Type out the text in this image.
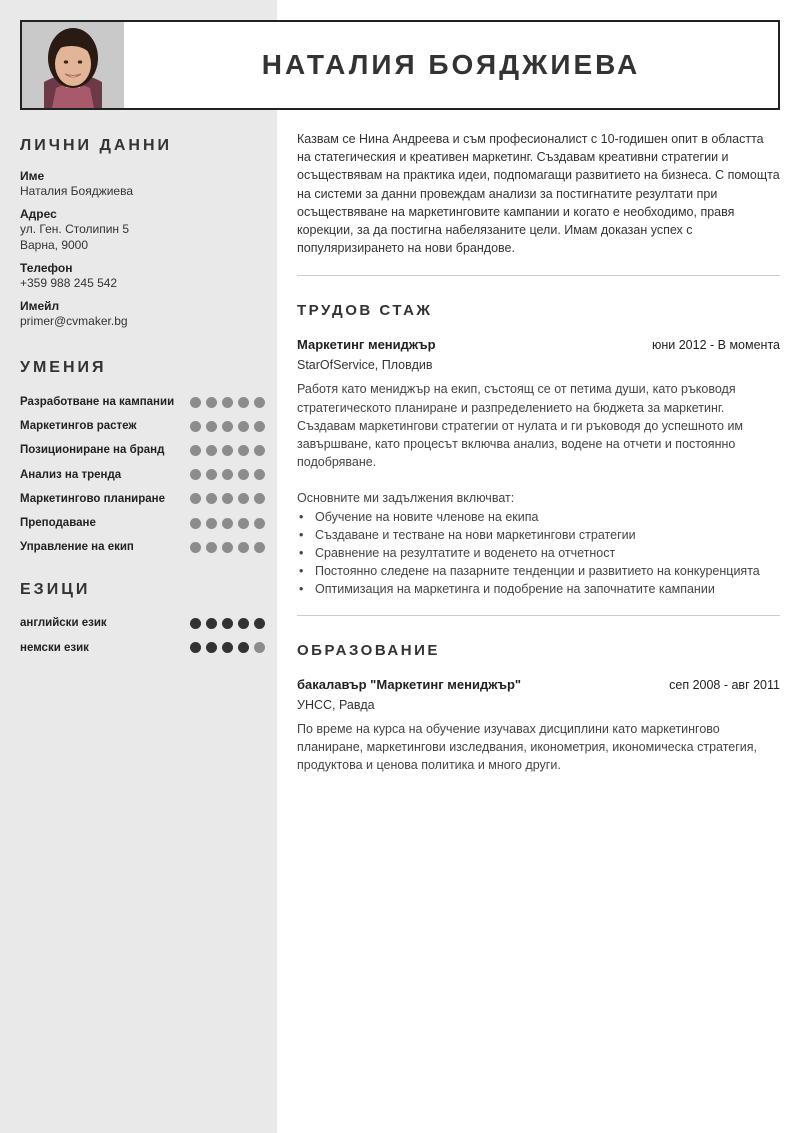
НАТАЛИЯ БОЯДЖИЕВА
ЛИЧНИ ДАННИ
Име
Наталия Бояджиева
Адрес
ул. Ген. Столипин 5
Варна, 9000
Телефон
+359 988 245 542
Имейл
primer@cvmaker.bg
УМЕНИЯ
Разработване на кампании
Маркетингов растеж
Позициониране на бранд
Анализ на тренда
Маркетингово планиране
Преподаване
Управление на екип
ЕЗИЦИ
английски език
немски език

Казвам се Нина Андреева и съм професионалист с 10-годишен опит в областта на статегическия и креативен маркетинг. Създавам креативни стратегии и осъществявам на практика идеи, подпомагащи развитието на бизнеса. С помощта на системи за данни провеждам анализи за постигнатите резултати при осъществяване на маркетинговите кампании и когато е необходимо, правя корекции, за да постигна набелязаните цели. Имам доказан успех с популяризирането на нови брандове.

ТРУДОВ СТАЖ
Маркетинг мениджър	юни 2012 - В момента
StarOfService, Пловдив

Работя като мениджър на екип, състоящ се от петима души, като ръководя стратегическото планиране и разпределението на бюджета за маркетинг. Създавам маркетингови стратегии от нулата и ги ръководя до успешното им завършване, като процесът включва анализ, водене на отчети и постоянно подобряване.

Основните ми задължения включват:

• Обучение на новите членове на екипа
• Създаване и тестване на нови маркетингови стратегии
• Сравнение на резултатите и воденето на отчетност
• Постоянно следене на пазарните тенденции и развитието на конкуренцията
• Оптимизация на маркетинга и подобрение на започнатите кампании
ОБРАЗОВАНИЕ
бакалавър "Маркетинг мениджър"	сеп 2008 - авг 2011
УНСС, Равда

По време на курса на обучение изучавах дисциплини като маркетингово планиране, маркетингови изследвания, иконометрия, икономическа стратегия, продуктова и ценова политика и много други.
